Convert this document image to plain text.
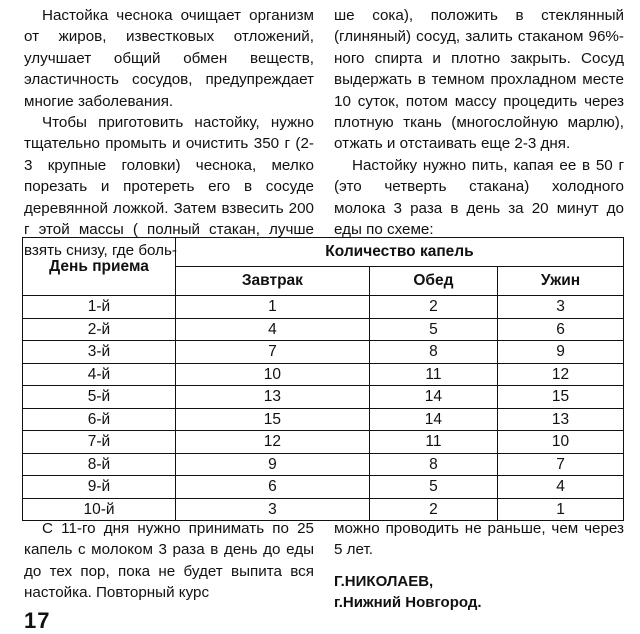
Настойка чеснока очищает организм от жиров, известковых отложений, улучшает общий обмен веществ, эластичность сосудов, предупреждает многие заболевания.

Чтобы приготовить настойку, нужно тщательно промыть и очистить 350 г (2-3 крупные головки) чеснока, мелко порезать и протереть его в сосуде деревянной ложкой. Затем взвесить 200 г этой массы ( полный стакан, лучше взять снизу, где боль-

ше сока), положить в стеклянный (глиняный) сосуд, залить стаканом 96%-ного спирта и плотно закрыть. Сосуд выдержать в темном прохладном месте 10 суток, потом массу процедить через плотную ткань (многослойную марлю), отжать и отстаивать еще 2-3 дня.

Настойку нужно пить, капая ее в 50 г (это четверть стакана) холодного молока 3 раза в день за 20 минут до еды по схеме:

День приема	Количество капель		
	Завтрак	Обед	Ужин
1-й	1	2	3
2-й	4	5	6
3-й	7	8	9
4-й	10	11	12
5-й	13	14	15
6-й	15	14	13
7-й	12	11	10
8-й	9	8	7
9-й	6	5	4
10-й	3	2	1

С 11-го дня нужно принимать по 25 капель с молоком 3 раза в день до еды до тех пор, пока не будет выпита вся настойка. Повторный курс

можно проводить не раньше, чем через 5 лет.

Г.НИКОЛАЕВ,

г.Нижний Новгород.

17
